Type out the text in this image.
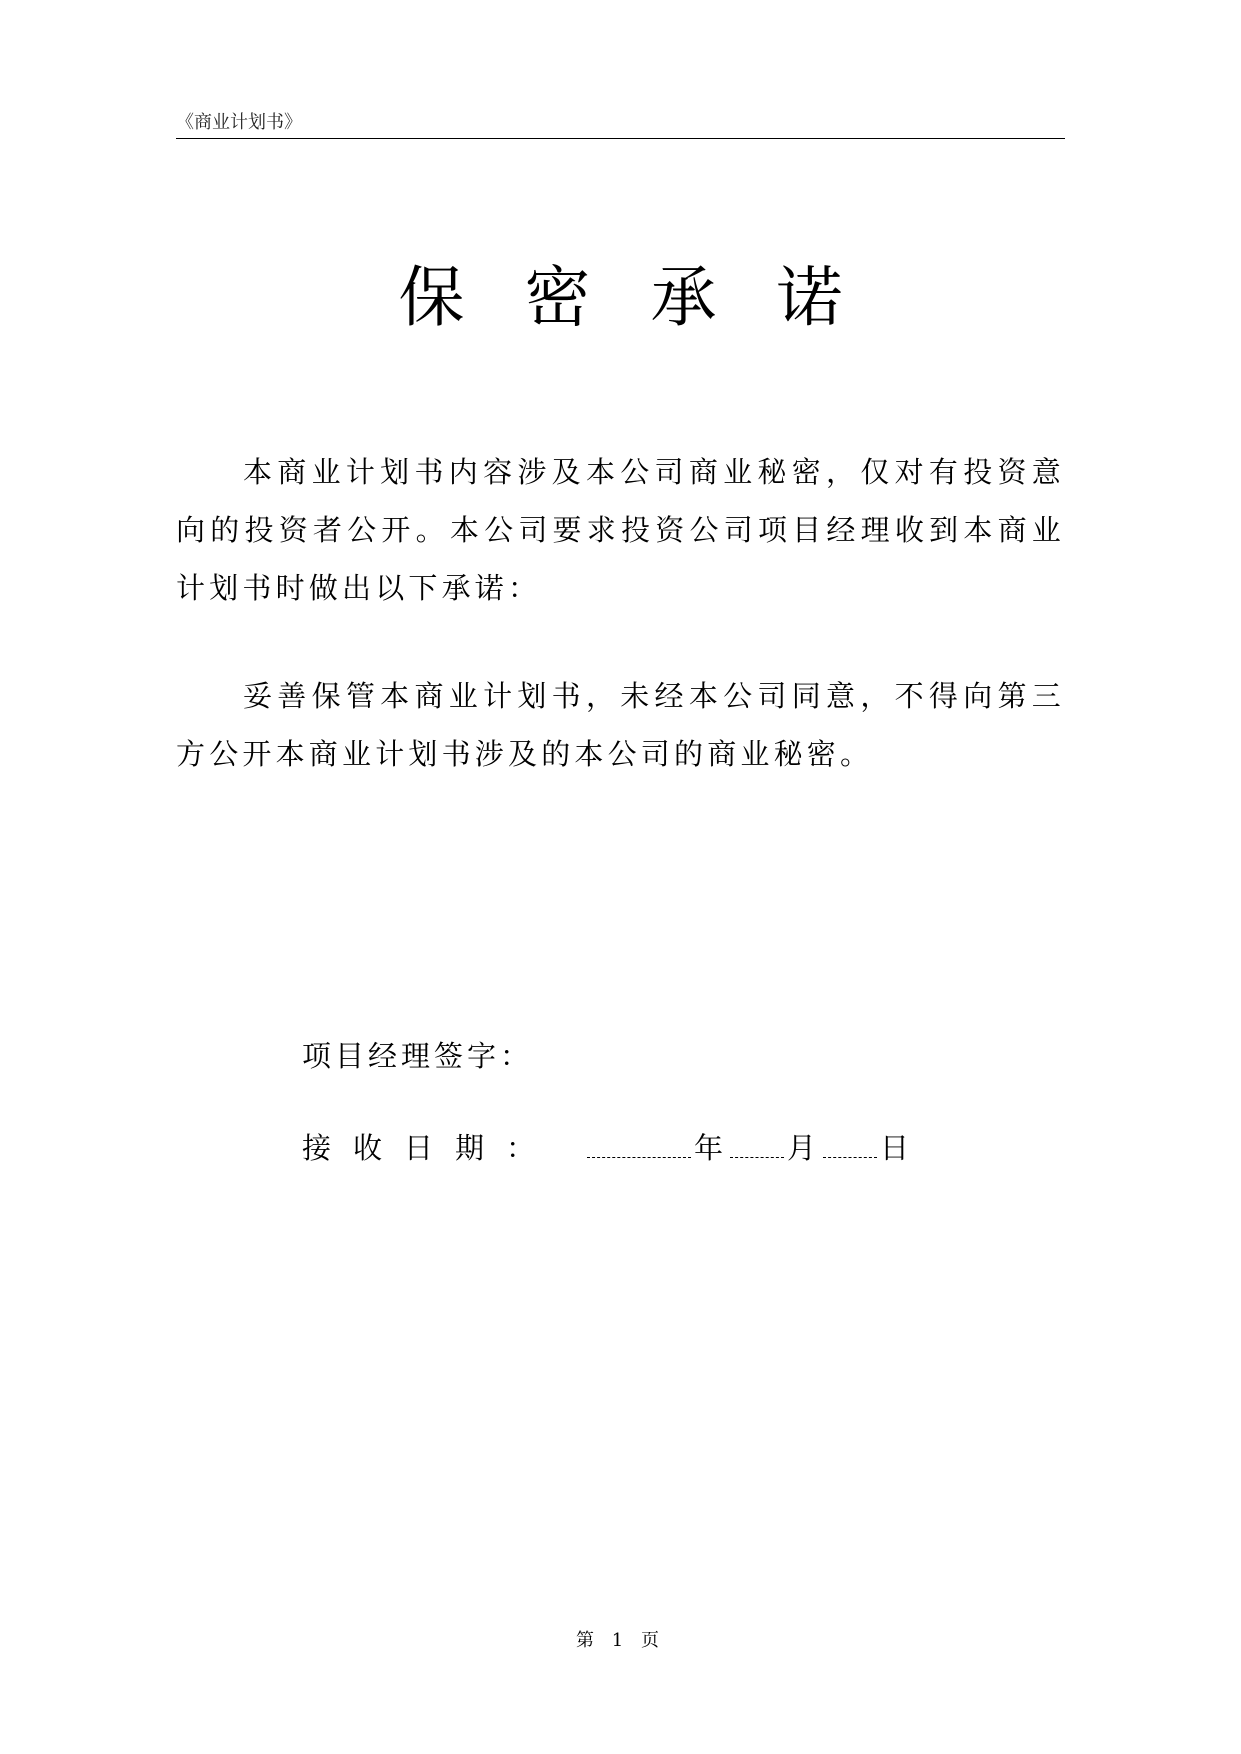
《商业计划书》
保密承诺

本商业计划书内容涉及本公司商业秘密，仅对有投资意向的投资者公开。本公司要求投资公司项目经理收到本商业计划书时做出以下承诺：

妥善保管本商业计划书，未经本公司同意，不得向第三方公开本商业计划书涉及的本公司的商业秘密。

项目经理签字：
接收日期：	年 月 日
第 1 页
